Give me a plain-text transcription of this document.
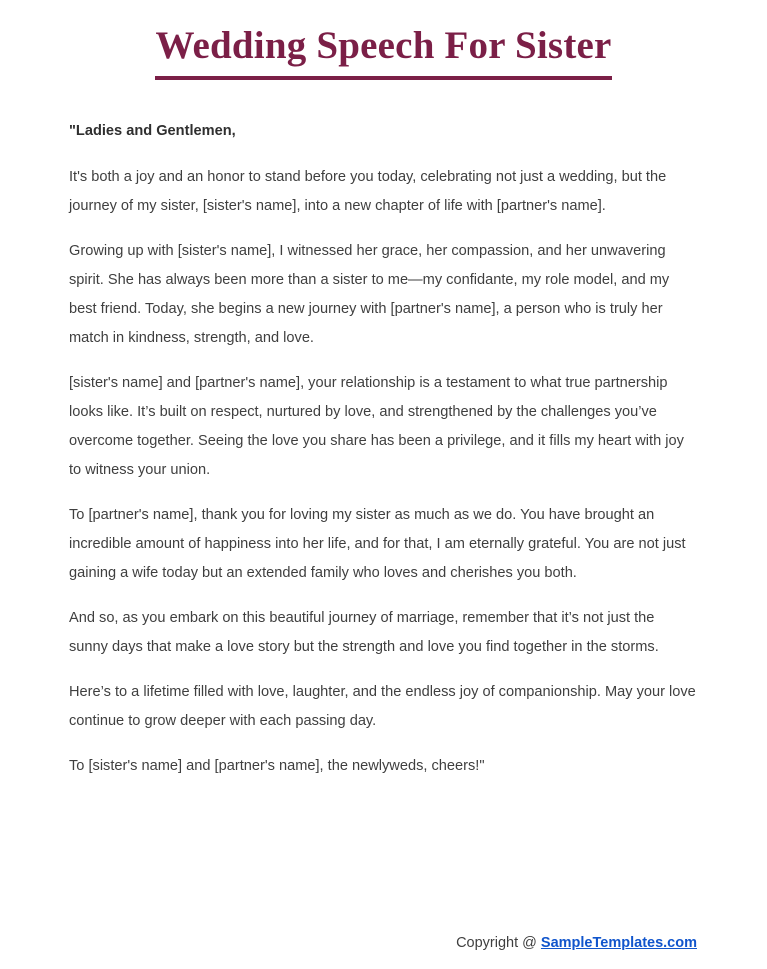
Wedding Speech For Sister

"Ladies and Gentlemen,

It's both a joy and an honor to stand before you today, celebrating not just a wedding, but the journey of my sister, [sister's name], into a new chapter of life with [partner's name].

Growing up with [sister's name], I witnessed her grace, her compassion, and her unwavering spirit. She has always been more than a sister to me—my confidante, my role model, and my best friend. Today, she begins a new journey with [partner's name], a person who is truly her match in kindness, strength, and love.

[sister's name] and [partner's name], your relationship is a testament to what true partnership looks like. It’s built on respect, nurtured by love, and strengthened by the challenges you’ve overcome together. Seeing the love you share has been a privilege, and it fills my heart with joy to witness your union.

To [partner's name], thank you for loving my sister as much as we do. You have brought an incredible amount of happiness into her life, and for that, I am eternally grateful. You are not just gaining a wife today but an extended family who loves and cherishes you both.

And so, as you embark on this beautiful journey of marriage, remember that it’s not just the sunny days that make a love story but the strength and love you find together in the storms.

Here’s to a lifetime filled with love, laughter, and the endless joy of companionship. May your love continue to grow deeper with each passing day.

To [sister's name] and [partner's name], the newlyweds, cheers!"

Copyright @ SampleTemplates.com
